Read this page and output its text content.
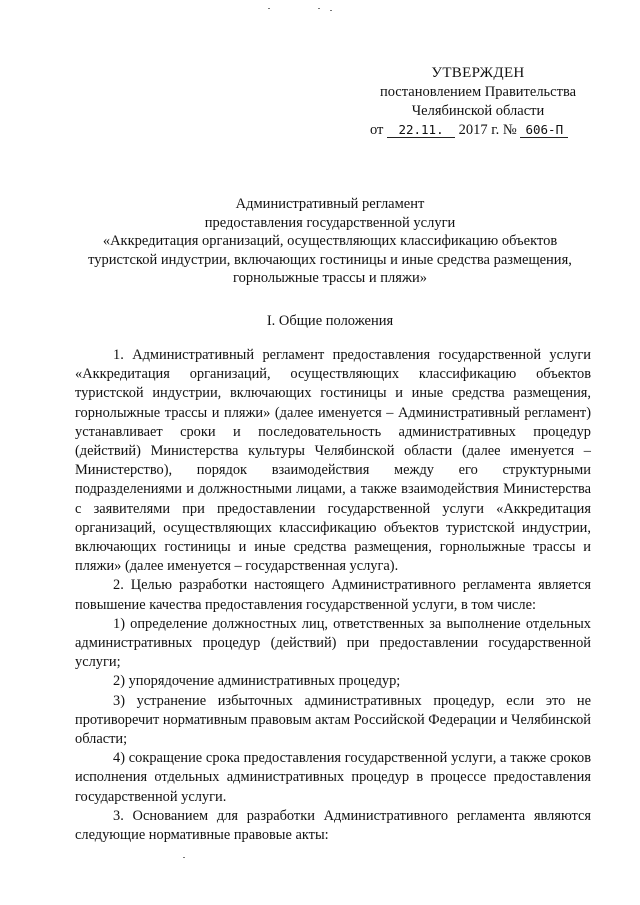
УТВЕРЖДЕН
постановлением Правительства
Челябинской области
от 22.11. 2017 г. № 606-П
Административный регламент
предоставления государственной услуги
«Аккредитация организаций, осуществляющих классификацию объектов
туристской индустрии, включающих гостиницы и иные средства размещения,
горнолыжные трассы и пляжи»
I. Общие положения

1. Административный регламент предоставления государственной услуги «Аккредитация организаций, осуществляющих классификацию объектов туристской индустрии, включающих гостиницы и иные средства размещения, горнолыжные трассы и пляжи» (далее именуется – Административный регламент) устанавливает сроки и последовательность административных процедур (действий) Министерства культуры Челябинской области (далее именуется – Министерство), порядок взаимодействия между его структурными подразделениями и должностными лицами, а также взаимодействия Министерства с заявителями при предоставлении государственной услуги «Аккредитация организаций, осуществляющих классификацию объектов туристской индустрии, включающих гостиницы и иные средства размещения, горнолыжные трассы и пляжи» (далее именуется – государственная услуга).

2. Целью разработки настоящего Административного регламента является повышение качества предоставления государственной услуги, в том числе:

1) определение должностных лиц, ответственных за выполнение отдельных административных процедур (действий) при предоставлении государственной услуги;

2) упорядочение административных процедур;

3) устранение избыточных административных процедур, если это не противоречит нормативным правовым актам Российской Федерации и Челябинской области;

4) сокращение срока предоставления государственной услуги, а также сроков исполнения отдельных административных процедур в процессе предоставления государственной услуги.

3. Основанием для разработки Административного регламента являются следующие нормативные правовые акты:
